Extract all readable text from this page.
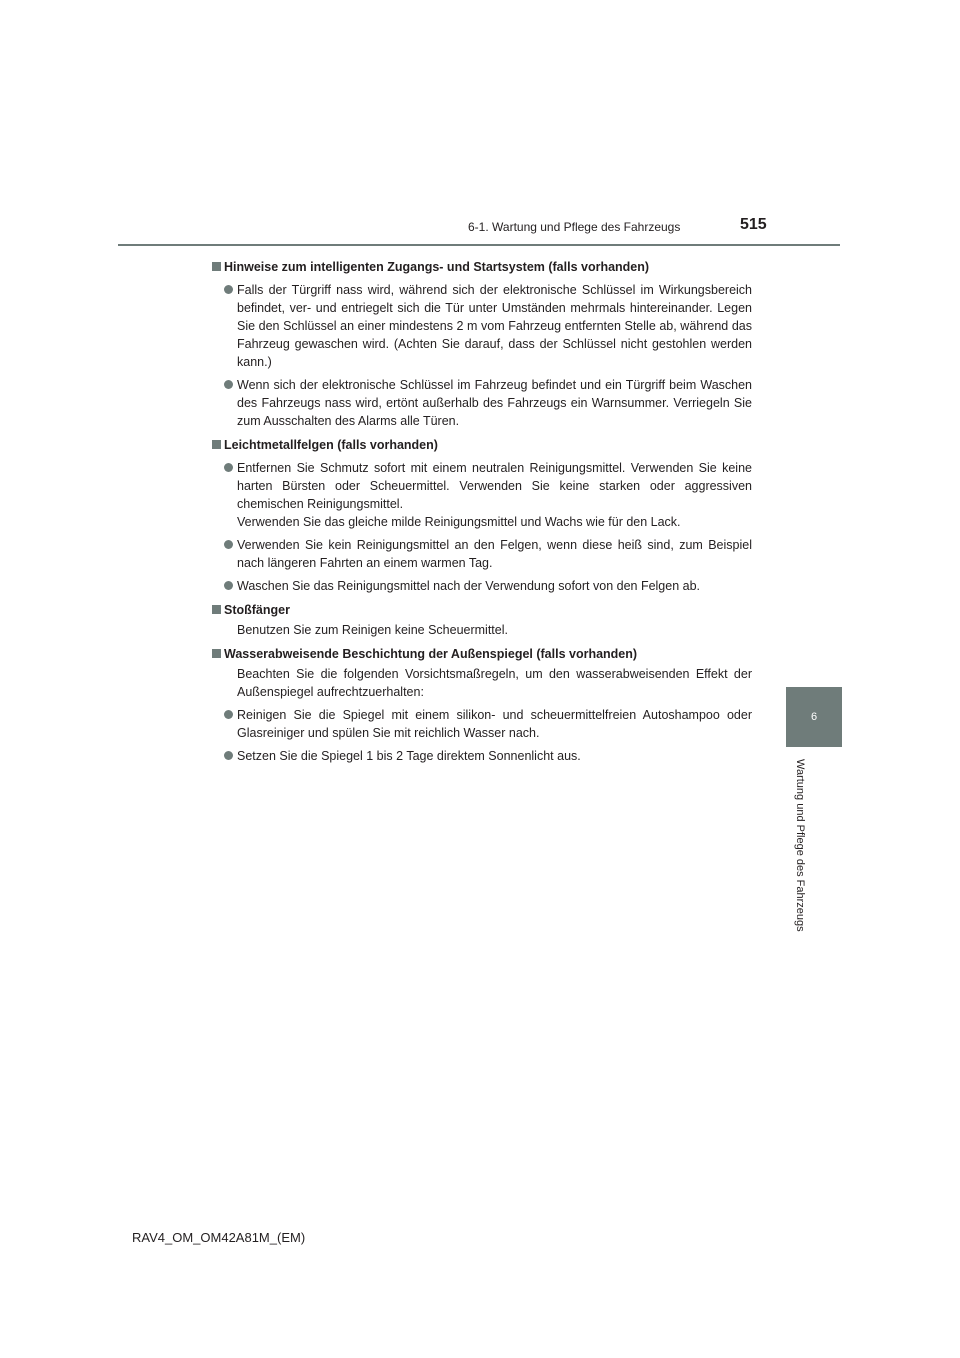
6-1. Wartung und Pflege des Fahrzeugs	515
6
Wartung und Pflege des Fahrzeugs
Hinweise zum intelligenten Zugangs- und Startsystem (falls vorhanden)
Falls der Türgriff nass wird, während sich der elektronische Schlüssel im Wirkungsbereich befindet, ver- und entriegelt sich die Tür unter Umständen mehrmals hintereinander. Legen Sie den Schlüssel an einer mindestens 2 m vom Fahrzeug entfernten Stelle ab, während das Fahrzeug gewaschen wird. (Achten Sie darauf, dass der Schlüssel nicht gestohlen werden kann.)
Wenn sich der elektronische Schlüssel im Fahrzeug befindet und ein Türgriff beim Waschen des Fahrzeugs nass wird, ertönt außerhalb des Fahrzeugs ein Warnsummer. Verriegeln Sie zum Ausschalten des Alarms alle Türen.
Leichtmetallfelgen (falls vorhanden)
Entfernen Sie Schmutz sofort mit einem neutralen Reinigungsmittel. Verwenden Sie keine harten Bürsten oder Scheuermittel. Verwenden Sie keine starken oder aggressiven chemischen Reinigungsmittel.
Verwenden Sie das gleiche milde Reinigungsmittel und Wachs wie für den Lack.
Verwenden Sie kein Reinigungsmittel an den Felgen, wenn diese heiß sind, zum Beispiel nach längeren Fahrten an einem warmen Tag.
Waschen Sie das Reinigungsmittel nach der Verwendung sofort von den Felgen ab.
Stoßfänger
Benutzen Sie zum Reinigen keine Scheuermittel.
Wasserabweisende Beschichtung der Außenspiegel (falls vorhanden)
Beachten Sie die folgenden Vorsichtsmaßregeln, um den wasserabweisenden Effekt der Außenspiegel aufrechtzuerhalten:
Reinigen Sie die Spiegel mit einem silikon- und scheuermittelfreien Autoshampoo oder Glasreiniger und spülen Sie mit reichlich Wasser nach.
Setzen Sie die Spiegel 1 bis 2 Tage direktem Sonnenlicht aus.
RAV4_OM_OM42A81M_(EM)
